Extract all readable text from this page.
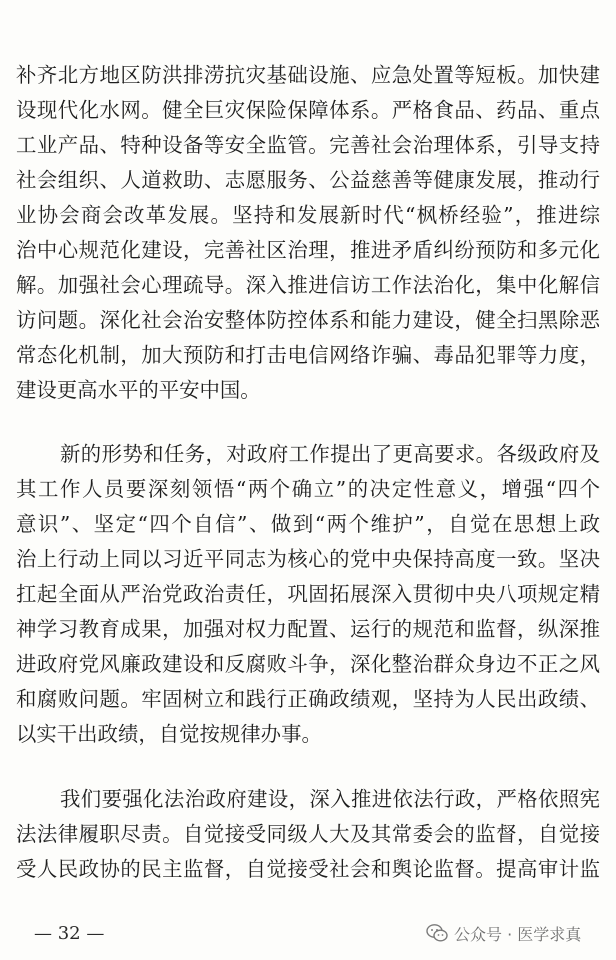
补齐北方地区防洪排涝抗灾基础设施、应急处置等短板。加快建
设现代化水网。健全巨灾保险保障体系。严格食品、药品、重点
工业产品、特种设备等安全监管。完善社会治理体系，引导支持
社会组织、人道救助、志愿服务、公益慈善等健康发展，推动行
业协会商会改革发展。坚持和发展新时代“枫桥经验”，推进综
治中心规范化建设，完善社区治理，推进矛盾纠纷预防和多元化
解。加强社会心理疏导。深入推进信访工作法治化，集中化解信
访问题。深化社会治安整体防控体系和能力建设，健全扫黑除恶
常态化机制，加大预防和打击电信网络诈骗、毒品犯罪等力度，
建设更高水平的平安中国。
新的形势和任务，对政府工作提出了更高要求。各级政府及
其工作人员要深刻领悟“两个确立”的决定性意义，增强“四个
意识”、坚定“四个自信”、做到“两个维护”，自觉在思想上政
治上行动上同以习近平同志为核心的党中央保持高度一致。坚决
扛起全面从严治党政治责任，巩固拓展深入贯彻中央八项规定精
神学习教育成果，加强对权力配置、运行的规范和监督，纵深推
进政府党风廉政建设和反腐败斗争，深化整治群众身边不正之风
和腐败问题。牢固树立和践行正确政绩观，坚持为人民出政绩、
以实干出政绩，自觉按规律办事。
我们要强化法治政府建设，深入推进依法行政，严格依照宪
法法律履职尽责。自觉接受同级人大及其常委会的监督，自觉接
受人民政协的民主监督，自觉接受社会和舆论监督。提高审计监
— 32 —	公众号 · 医学求真
